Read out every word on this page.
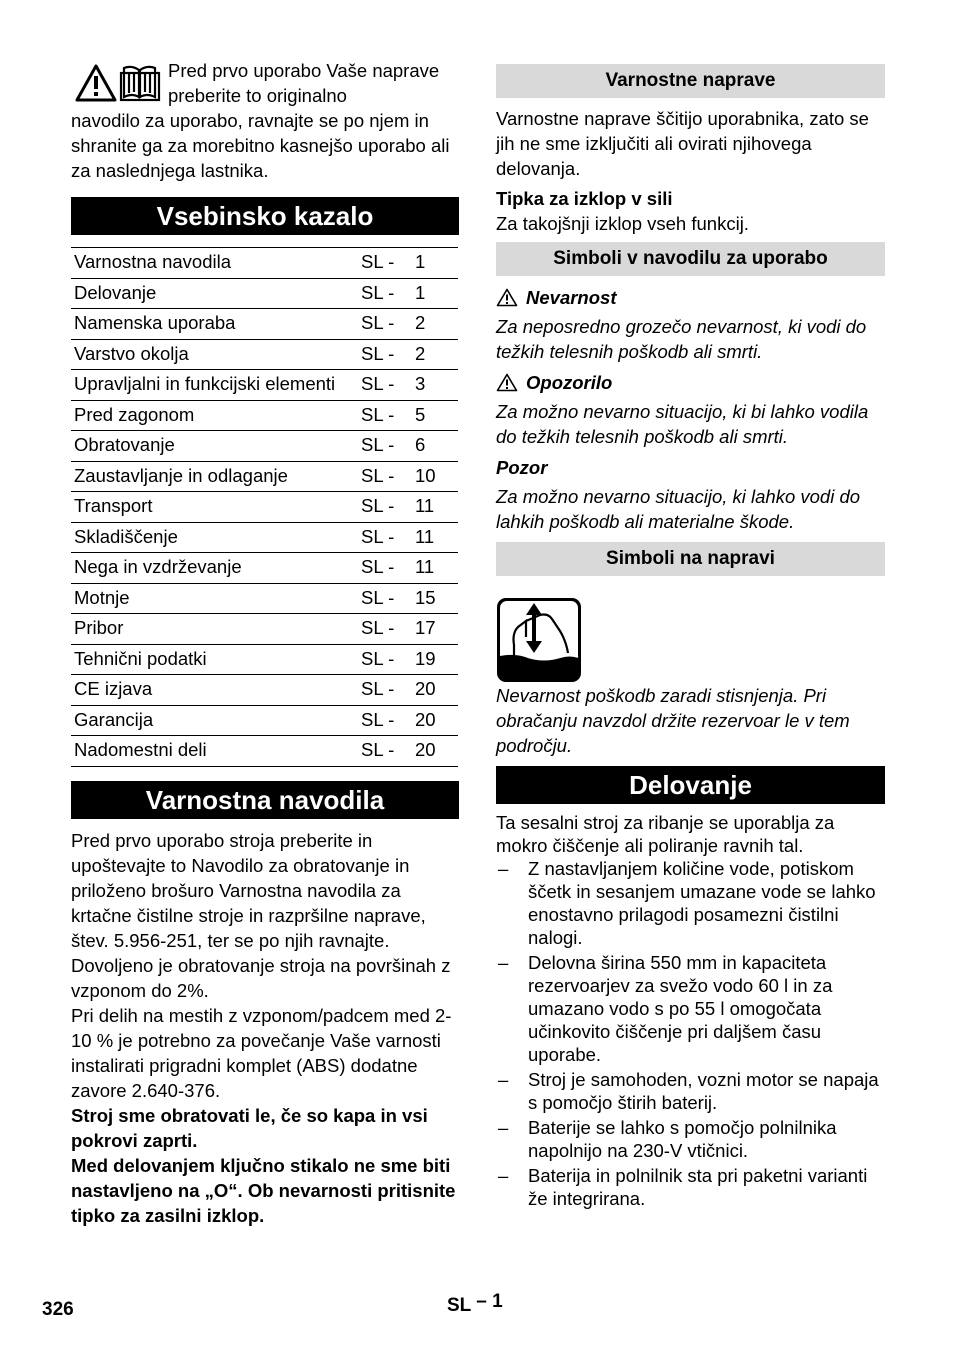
Pred prvo uporabo Vaše naprave preberite to originalno

navodilo za uporabo, ravnajte se po njem in shranite ga za morebitno kasnejšo uporabo ali za naslednjega lastnika.

Vsebinsko kazalo
Varnostna navodila	SL -	1
Delovanje	SL -	1
Namenska uporaba	SL -	2
Varstvo okolja	SL -	2
Upravljalni in funkcijski elementi	SL -	3
Pred zagonom	SL -	5
Obratovanje	SL -	6
Zaustavljanje in odlaganje	SL -	10
Transport	SL -	11
Skladiščenje	SL -	11
Nega in vzdrževanje	SL -	11
Motnje	SL -	15
Pribor	SL -	17
Tehnični podatki	SL -	19
CE izjava	SL -	20
Garancija	SL -	20
Nadomestni deli	SL -	20
Varnostna navodila

Pred prvo uporabo stroja preberite in upoštevajte to Navodilo za obratovanje in priloženo brošuro Varnostna navodila za krtačne čistilne stroje in razpršilne naprave, štev. 5.956-251, ter se po njih ravnajte.

Dovoljeno je obratovanje stroja na površinah z vzponom do 2%.

Pri delih na mestih z vzponom/padcem med 2-10 % je potrebno za povečanje Vaše varnosti instalirati prigradni komplet (ABS) dodatne zavore 2.640-376.

Stroj sme obratovati le, če so kapa in vsi pokrovi zaprti.

Med delovanjem ključno stikalo ne sme biti nastavljeno na „O“. Ob nevarnosti pritisnite tipko za zasilni izklop.

Varnostne naprave

Varnostne naprave ščitijo uporabnika, zato se jih ne sme izključiti ali ovirati njihovega delovanja.

Tipka za izklop v sili

Za takojšnji izklop vseh funkcij.

Simboli v navodilu za uporabo
Nevarnost

Za neposredno grozečo nevarnost, ki vodi do težkih telesnih poškodb ali smrti.

Opozorilo

Za možno nevarno situacijo, ki bi lahko vodila do težkih telesnih poškodb ali smrti.

Pozor

Za možno nevarno situacijo, ki lahko vodi do lahkih poškodb ali materialne škode.

Simboli na napravi

Nevarnost poškodb zaradi stisnjenja. Pri obračanju navzdol držite rezervoar le v tem področju.

Delovanje

Ta sesalni stroj za ribanje se uporablja za mokro čiščenje ali poliranje ravnih tal.

– Z nastavljanjem količine vode, potiskom ščetk in sesanjem umazane vode se lahko enostavno prilagodi posamezni čistilni nalogi.
– Delovna širina 550 mm in kapaciteta rezervoarjev za svežo vodo 60 l in za umazano vodo s po 55 l omogočata učinkovito čiščenje pri daljšem času uporabe.
– Stroj je samohoden, vozni motor se napaja s pomočjo štirih baterij.
– Baterije se lahko s pomočjo polnilnika napolnijo na 230-V vtičnici.
– Baterija in polnilnik sta pri paketni varianti že integrirana.
326	SL – 1
